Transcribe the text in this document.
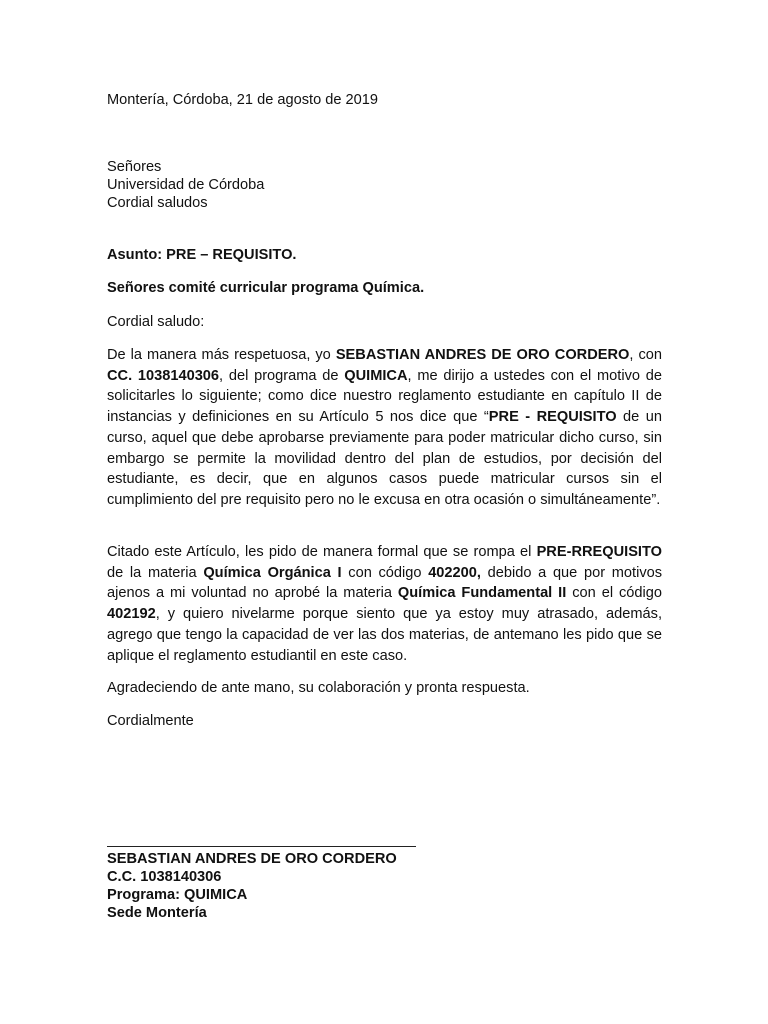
Montería, Córdoba, 21 de agosto de 2019
Señores
Universidad de Córdoba
Cordial saludos
Asunto: PRE – REQUISITO.
Señores comité curricular programa Química.
Cordial saludo:
De la manera más respetuosa, yo SEBASTIAN ANDRES DE ORO CORDERO, con CC. 1038140306, del programa de QUIMICA, me dirijo a ustedes con el motivo de solicitarles lo siguiente; como dice nuestro reglamento estudiante en capítulo II de instancias y definiciones en su Artículo 5 nos dice que “PRE - REQUISITO de un curso, aquel que debe aprobarse previamente para poder matricular dicho curso, sin embargo se permite la movilidad dentro del plan de estudios, por decisión del estudiante, es decir, que en algunos casos puede matricular cursos sin el cumplimiento del pre requisito pero no le excusa en otra ocasión o simultáneamente”.
Citado este Artículo, les pido de manera formal que se rompa el PRE-RREQUISITO de la materia Química Orgánica I con código 402200, debido a que por motivos ajenos a mi voluntad no aprobé la materia Química Fundamental II con el código 402192, y quiero nivelarme porque siento que ya estoy muy atrasado, además, agrego que tengo la capacidad de ver las dos materias, de antemano les pido que se aplique el reglamento estudiantil en este caso.
Agradeciendo de ante mano, su colaboración y pronta respuesta.
Cordialmente
SEBASTIAN ANDRES DE ORO CORDERO
C.C. 1038140306
Programa: QUIMICA
Sede Montería
